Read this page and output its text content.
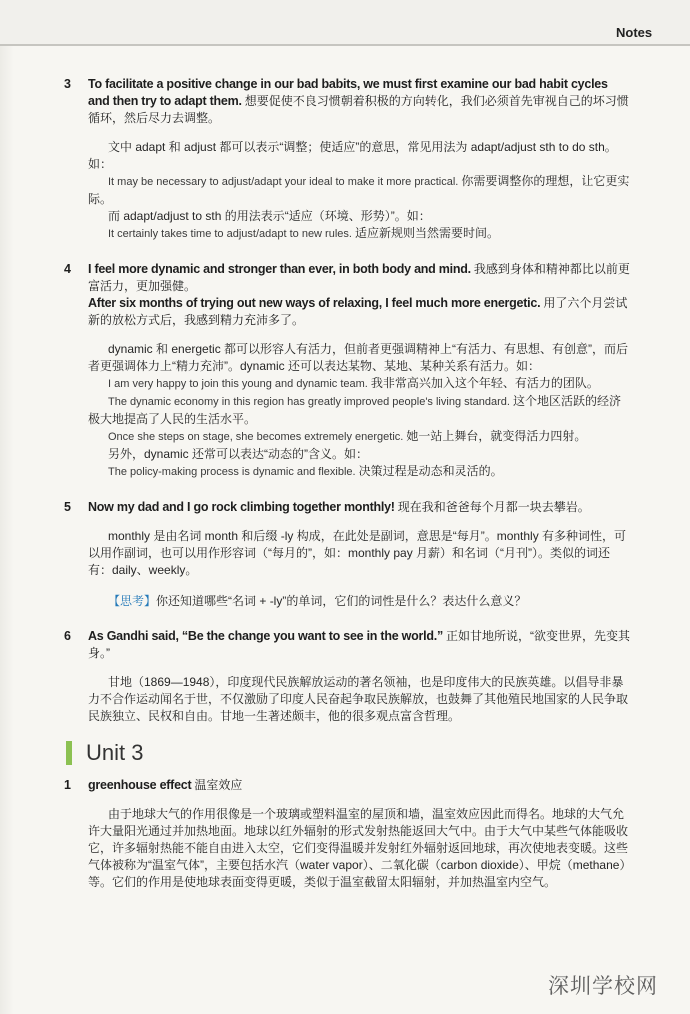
Notes
3 To facilitate a positive change in our bad babits, we must first examine our bad habit cycles and then try to adapt them. 想要促使不良习惯朝着积极的方向转化，我们必须首先审视自己的坏习惯循环，然后尽力去调整。

文中 adapt 和 adjust 都可以表示“调整；使适应”的意思，常见用法为 adapt/adjust sth to do sth。如：

It may be necessary to adjust/adapt your ideal to make it more practical. 你需要调整你的理想，让它更实际。

而 adapt/adjust to sth 的用法表示“适应（环境、形势）”。如：

It certainly takes time to adjust/adapt to new rules. 适应新规则当然需要时间。

4 I feel more dynamic and stronger than ever, in both body and mind. 我感到身体和精神都比以前更富活力，更加强健。

After six months of trying out new ways of relaxing, I feel much more energetic. 用了六个月尝试新的放松方式后，我感到精力充沛多了。

dynamic 和 energetic 都可以形容人有活力，但前者更强调精神上“有活力、有思想、有创意”，而后者更强调体力上“精力充沛”。dynamic 还可以表达某物、某地、某种关系有活力。如：

I am very happy to join this young and dynamic team. 我非常高兴加入这个年轻、有活力的团队。

The dynamic economy in this region has greatly improved people's living standard. 这个地区活跃的经济极大地提高了人民的生活水平。

Once she steps on stage, she becomes extremely energetic. 她一站上舞台，就变得活力四射。

另外，dynamic 还常可以表达“动态的”含义。如：

The policy-making process is dynamic and flexible. 决策过程是动态和灵活的。

5 Now my dad and I go rock climbing together monthly! 现在我和爸爸每个月都一块去攀岩。

monthly 是由名词 month 和后缀 -ly 构成，在此处是副词，意思是“每月”。monthly 有多种词性，可以用作副词，也可以用作形容词（“每月的”，如：monthly pay 月薪）和名词（“月刊”）。类似的词还有：daily、weekly。

【思考】你还知道哪些“名词 + -ly”的单词，它们的词性是什么？表达什么意义？

6 As Gandhi said, “Be the change you want to see in the world.” 正如甘地所说，“欲变世界，先变其身。”

甘地（1869—1948），印度现代民族解放运动的著名领袖，也是印度伟大的民族英雄。以倡导非暴力不合作运动闻名于世，不仅激励了印度人民奋起争取民族解放，也鼓舞了其他殖民地国家的人民争取民族独立、民权和自由。甘地一生著述颇丰，他的很多观点富含哲理。

Unit 3
1 greenhouse effect 温室效应

由于地球大气的作用很像是一个玻璃或塑料温室的屋顶和墙，温室效应因此而得名。地球的大气允许大量阳光通过并加热地面。地球以红外辐射的形式发射热能返回大气中。由于大气中某些气体能吸收它，许多辐射热能不能自由进入太空，它们变得温暖并发射红外辐射返回地球，再次使地表变暖。这些气体被称为“温室气体”，主要包括水汽（water vapor）、二氧化碳（carbon dioxide）、甲烷（methane）等。它们的作用是使地球表面变得更暖，类似于温室截留太阳辐射，并加热温室内空气。

深圳学校网
